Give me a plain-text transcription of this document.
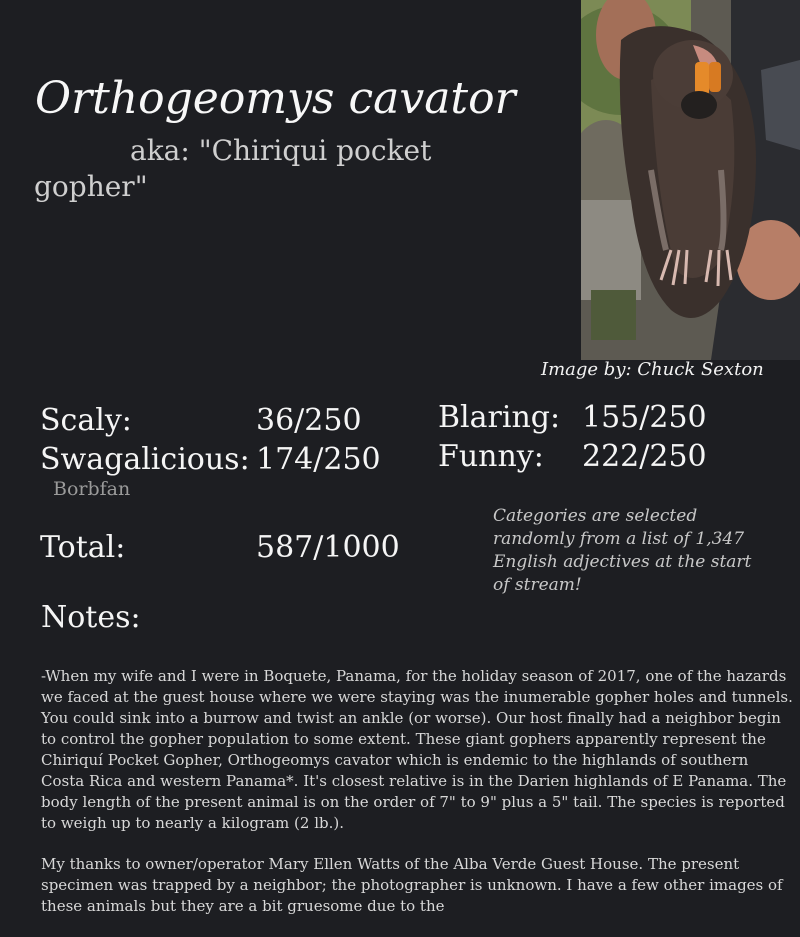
Orthogeomys cavator
aka: "Chiriqui pocket gopher"
Image by: Chuck Sexton
Scaly:	36/250
Swagalicious: 174/250
Borbfan
Blaring: 155/250
Funny: 222/250
Total:	587/1000
Categories are selected randomly from a list of 1,347 English adjectives at the start of stream!
Notes:

-When my wife and I were in Boquete, Panama, for the holiday season of 2017, one of the hazards we faced at the guest house where we were staying was the inumerable gopher holes and tunnels. You could sink into a burrow and twist an ankle (or worse). Our host finally had a neighbor begin to control the gopher population to some extent. These giant gophers apparently represent the Chiriquí Pocket Gopher, Orthogeomys cavator which is endemic to the highlands of southern Costa Rica and western Panama*. It's closest relative is in the Darien highlands of E Panama. The body length of the present animal is on the order of 7" to 9" plus a 5" tail. The species is reported to weigh up to nearly a kilogram (2 lb.).

My thanks to owner/operator Mary Ellen Watts of the Alba Verde Guest House. The present specimen was trapped by a neighbor; the photographer is unknown. I have a few other images of these animals but they are a bit gruesome due to the
